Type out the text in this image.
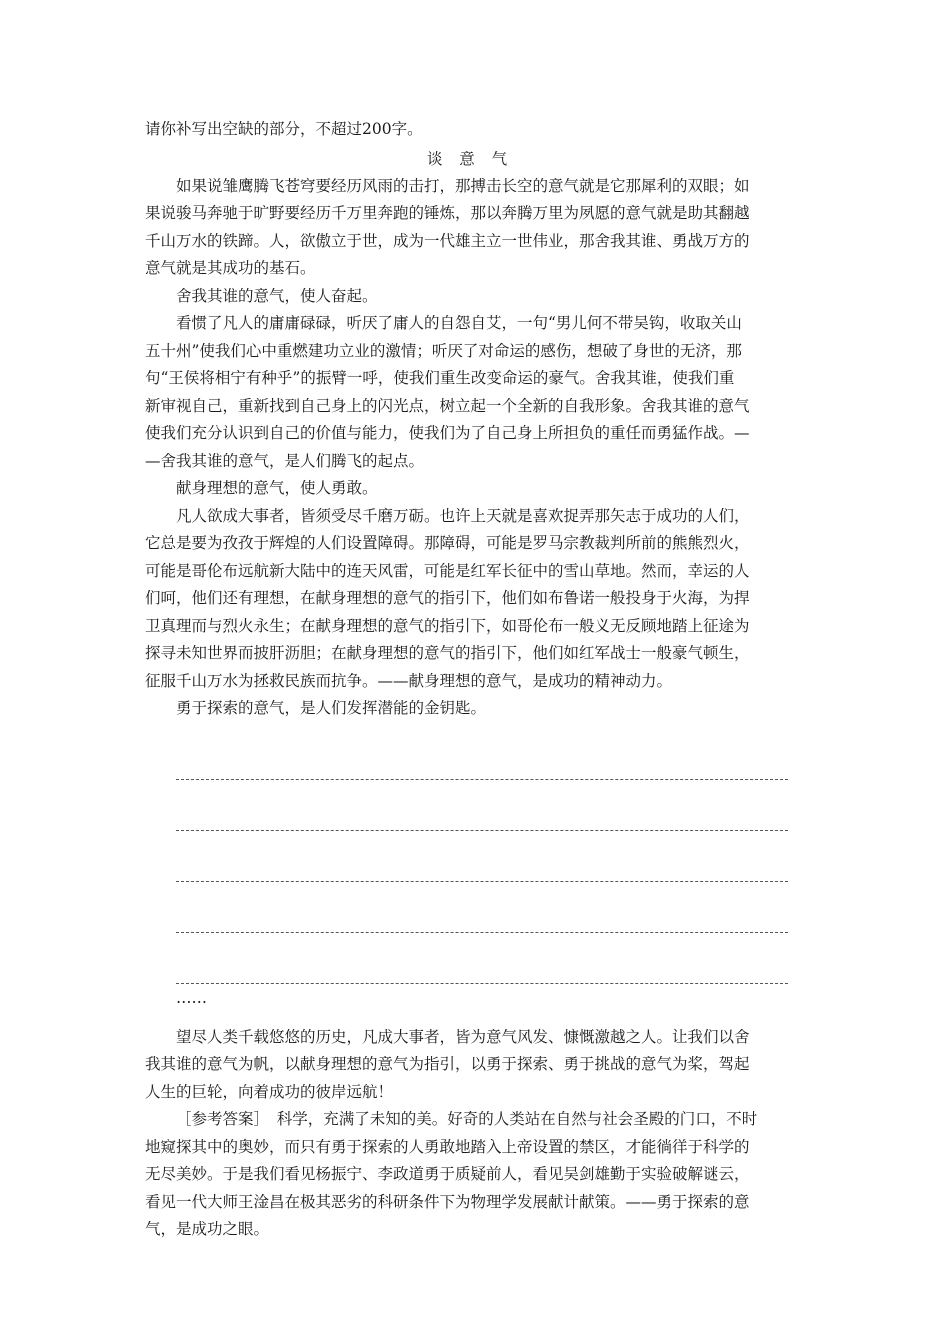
请你补写出空缺的部分，不超过200字。
谈 意 气
如果说雏鹰腾飞苍穹要经历风雨的击打，那搏击长空的意气就是它那犀利的双眼；如
果说骏马奔驰于旷野要经历千万里奔跑的锤炼，那以奔腾万里为夙愿的意气就是助其翻越
千山万水的铁蹄。人，欲傲立于世，成为一代雄主立一世伟业，那舍我其谁、勇战万方的
意气就是其成功的基石。
舍我其谁的意气，使人奋起。
看惯了凡人的庸庸碌碌，听厌了庸人的自怨自艾，一句“男儿何不带吴钩，收取关山
五十州”使我们心中重燃建功立业的激情；听厌了对命运的感伤，想破了身世的无济，那
句“王侯将相宁有种乎”的振臂一呼，使我们重生改变命运的豪气。舍我其谁，使我们重
新审视自己，重新找到自己身上的闪光点，树立起一个全新的自我形象。舍我其谁的意气
使我们充分认识到自己的价值与能力，使我们为了自己身上所担负的重任而勇猛作战。—
—舍我其谁的意气，是人们腾飞的起点。
献身理想的意气，使人勇敢。
凡人欲成大事者，皆须受尽千磨万砺。也许上天就是喜欢捉弄那矢志于成功的人们，
它总是要为孜孜于辉煌的人们设置障碍。那障碍，可能是罗马宗教裁判所前的熊熊烈火，
可能是哥伦布远航新大陆中的连天风雷，可能是红军长征中的雪山草地。然而，幸运的人
们呵，他们还有理想，在献身理想的意气的指引下，他们如布鲁诺一般投身于火海，为捍
卫真理而与烈火永生；在献身理想的意气的指引下，如哥伦布一般义无反顾地踏上征途为
探寻未知世界而披肝沥胆；在献身理想的意气的指引下，他们如红军战士一般豪气顿生，
征服千山万水为拯救民族而抗争。——献身理想的意气，是成功的精神动力。
勇于探索的意气，是人们发挥潜能的金钥匙。
……
望尽人类千载悠悠的历史，凡成大事者，皆为意气风发、慷慨激越之人。让我们以舍
我其谁的意气为帆，以献身理想的意气为指引，以勇于探索、勇于挑战的意气为桨，驾起
人生的巨轮，向着成功的彼岸远航！
［参考答案］　科学，充满了未知的美。好奇的人类站在自然与社会圣殿的门口，不时
地窥探其中的奥妙，而只有勇于探索的人勇敢地踏入上帝设置的禁区，才能徜徉于科学的
无尽美妙。于是我们看见杨振宁、李政道勇于质疑前人，看见吴剑雄勤于实验破解谜云，
看见一代大师王淦昌在极其恶劣的科研条件下为物理学发展献计献策。——勇于探索的意
气，是成功之眼。
